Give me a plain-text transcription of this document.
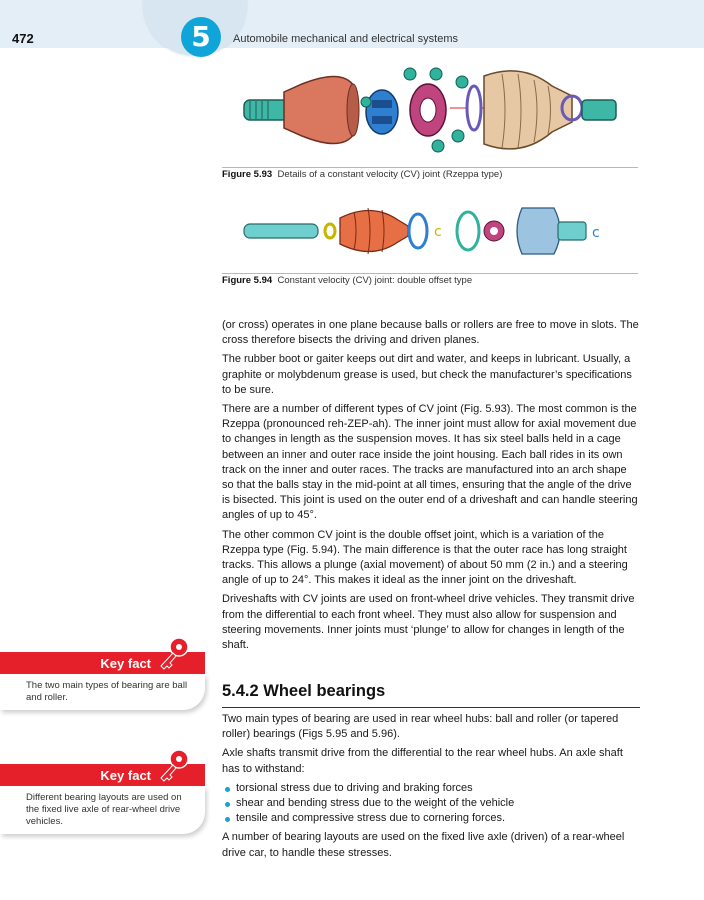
5
472	Automobile mechanical and electrical systems
Figure 5.93 Details of a constant velocity (CV) joint (Rzeppa type)
c	c
Figure 5.94 Constant velocity (CV) joint: double offset type

(or cross) operates in one plane because balls or rollers are free to move in slots. The cross therefore bisects the driving and driven planes.

The rubber boot or gaiter keeps out dirt and water, and keeps in lubricant. Usually, a graphite or molybdenum grease is used, but check the manufacturer’s specifications to be sure.

There are a number of different types of CV joint (Fig. 5.93). The most common is the Rzeppa (pronounced reh-ZEP-ah). The inner joint must allow for axial movement due to changes in length as the suspension moves. It has six steel balls held in a cage between an inner and outer race inside the joint housing. Each ball rides in its own track on the inner and outer races. The tracks are manufactured into an arch shape so that the balls stay in the mid-point at all times, ensuring that the angle of the drive is bisected. This joint is used on the outer end of a driveshaft and can handle steering angles of up to 45°.

The other common CV joint is the double offset joint, which is a variation of the Rzeppa type (Fig. 5.94). The main difference is that the outer race has long straight tracks. This allows a plunge (axial movement) of about 50 mm (2 in.) and a steering angle of up to 24°. This makes it ideal as the inner joint on the driveshaft.

Driveshafts with CV joints are used on front-wheel drive vehicles. They transmit drive from the differential to each front wheel. They must also allow for suspension and steering movements. Inner joints must ‘plunge’ to allow for changes in length of the shaft.

5.4.2 Wheel bearings

Two main types of bearing are used in rear wheel hubs: ball and roller (or tapered roller) bearings (Figs 5.95 and 5.96).

Axle shafts transmit drive from the differential to the rear wheel hubs. An axle shaft has to withstand:

torsional stress due to driving and braking forces
shear and bending stress due to the weight of the vehicle
tensile and compressive stress due to cornering forces.

A number of bearing layouts are used on the fixed live axle (driven) of a rear-wheel drive car, to handle these stresses.

Key fact
The two main types of bearing are ball and roller.
Key fact
Different bearing layouts are used on the fixed live axle of rear-wheel drive vehicles.
